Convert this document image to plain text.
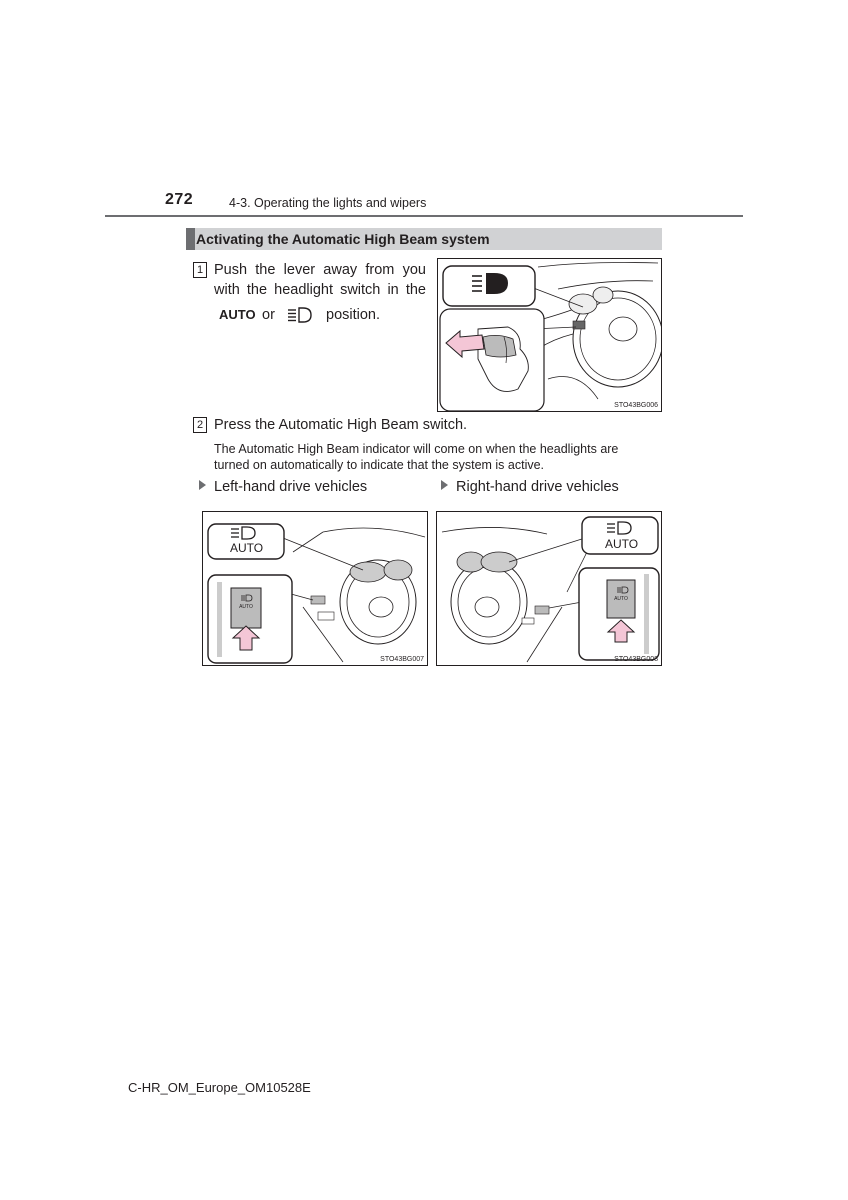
272	4-3. Operating the lights and wipers
Activating the Automatic High Beam system
1 Push the lever away from you
with the headlight switch in the
AUTO or	position.
STO43BG006
2 Press the Automatic High Beam switch.
The Automatic High Beam indicator will come on when the headlights are
turned on automatically to indicate that the system is active.
Left-hand drive vehicles	Right-hand drive vehicles
AUTO
AUTO
STO43BG007
AUTO
AUTO
STO43BG008
C-HR_OM_Europe_OM10528E
